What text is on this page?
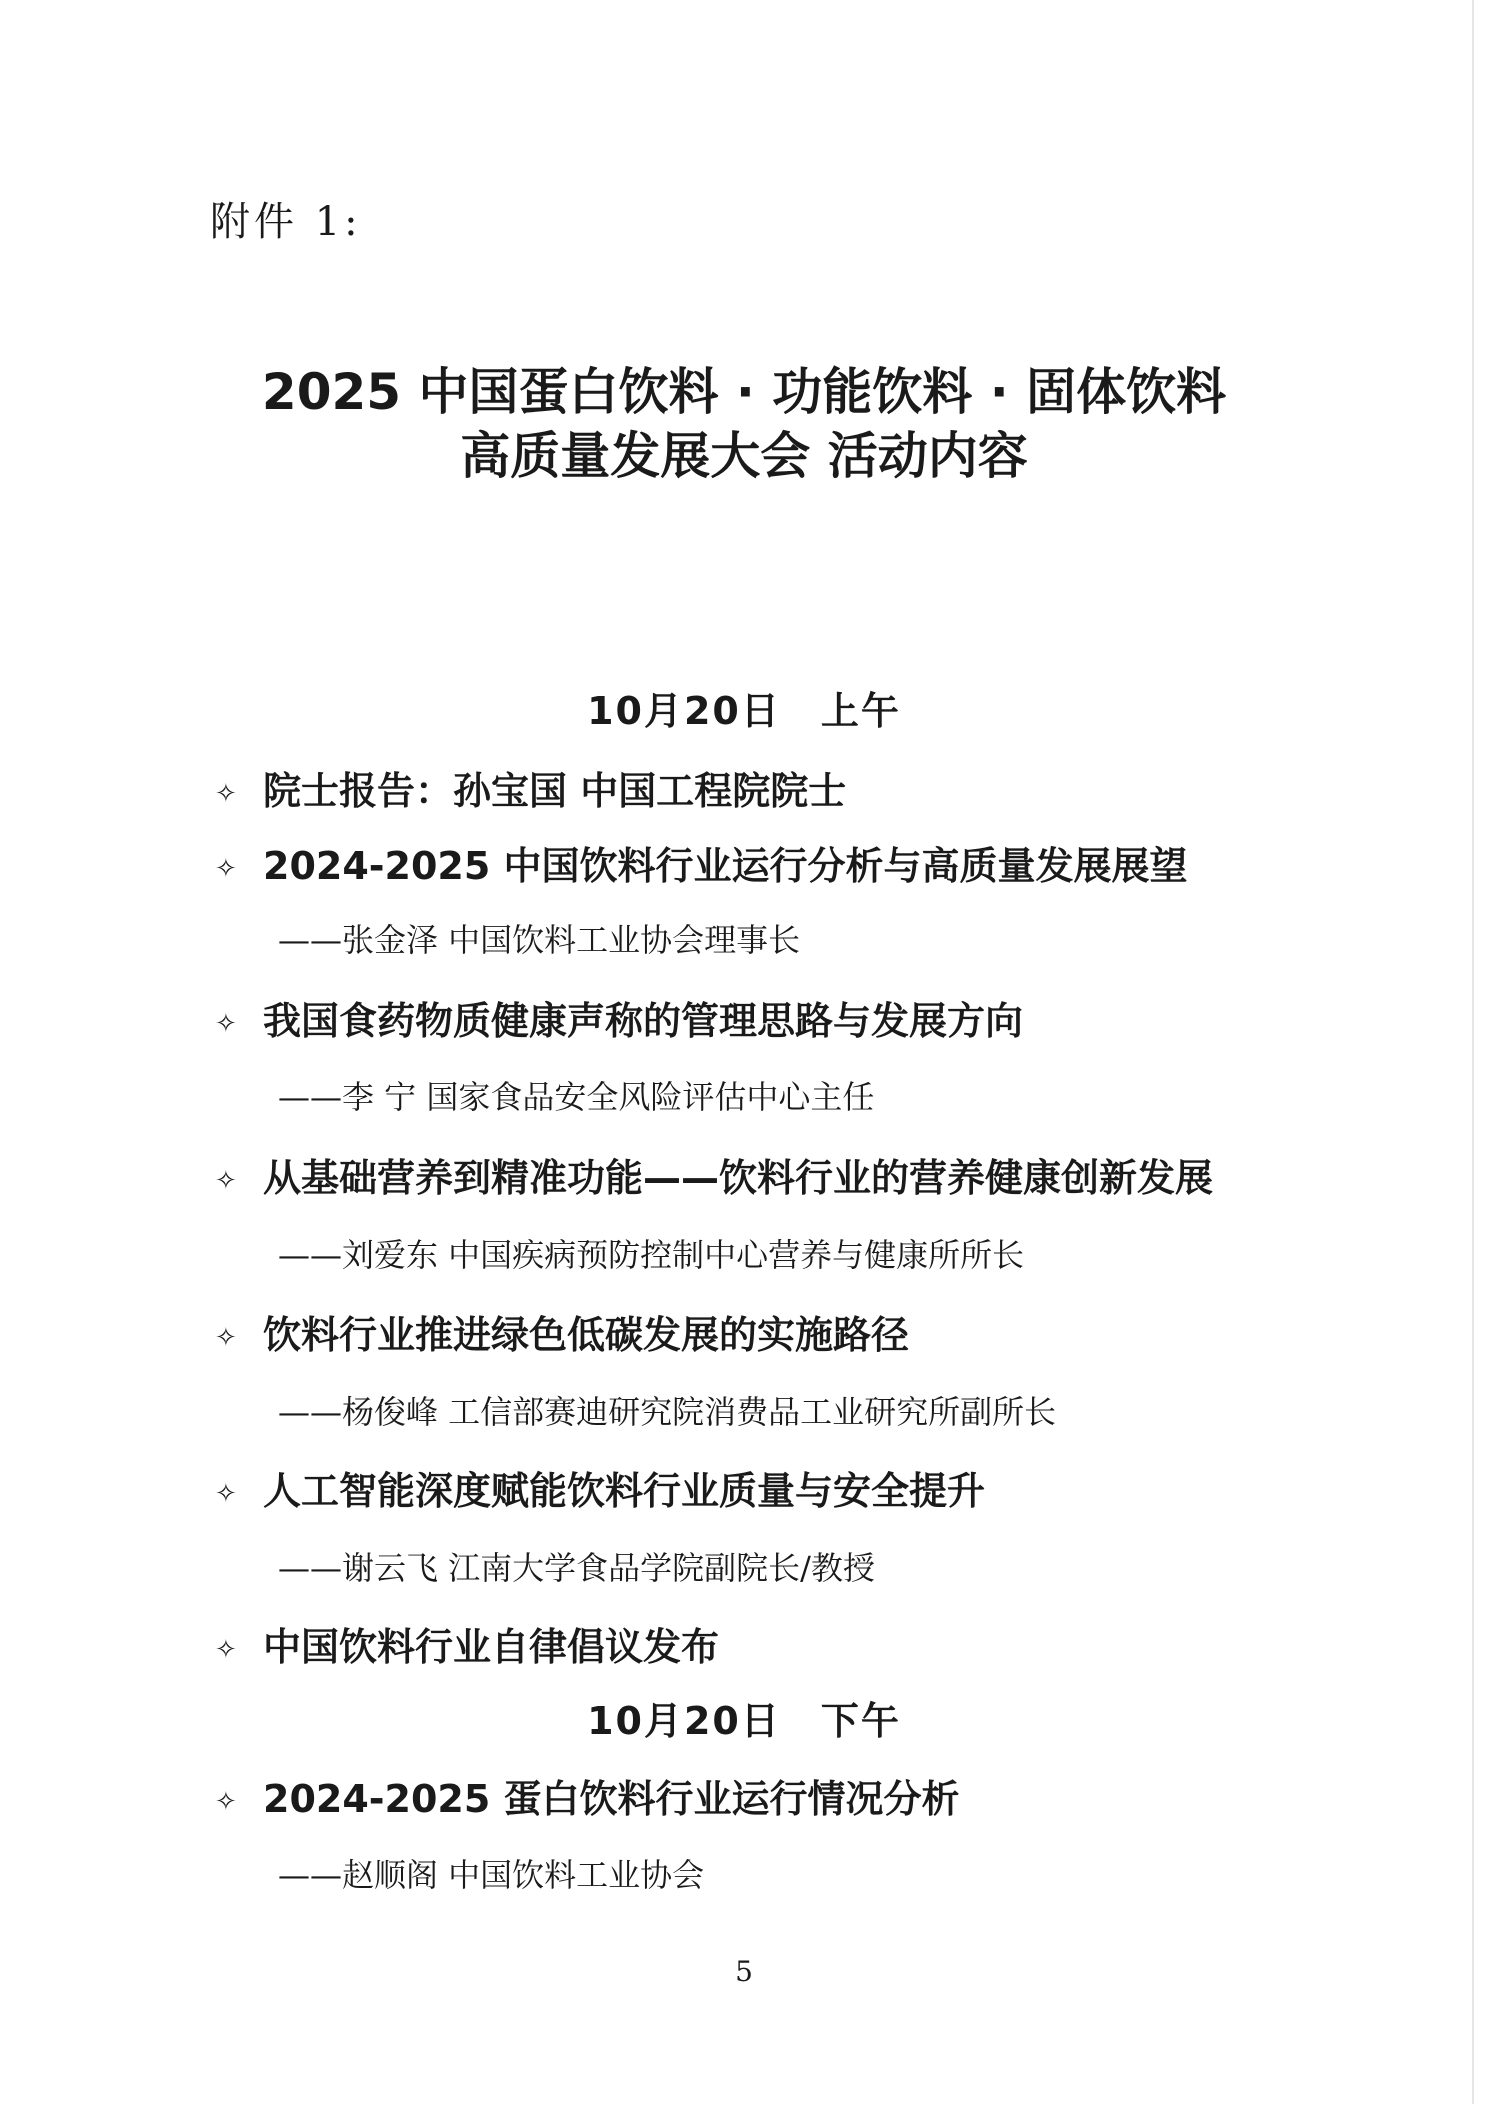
附件 1:
2025 中国蛋白饮料 · 功能饮料 · 固体饮料
高质量发展大会 活动内容
10月20日 上午
✧ 院士报告：孙宝国 中国工程院院士
✧ 2024-2025 中国饮料行业运行分析与高质量发展展望
——张金泽 中国饮料工业协会理事长
✧ 我国食药物质健康声称的管理思路与发展方向
——李 宁 国家食品安全风险评估中心主任
✧ 从基础营养到精准功能——饮料行业的营养健康创新发展
——刘爱东 中国疾病预防控制中心营养与健康所所长
✧ 饮料行业推进绿色低碳发展的实施路径
——杨俊峰 工信部赛迪研究院消费品工业研究所副所长
✧ 人工智能深度赋能饮料行业质量与安全提升
——谢云飞 江南大学食品学院副院长/教授
✧ 中国饮料行业自律倡议发布
10月20日 下午
✧ 2024-2025 蛋白饮料行业运行情况分析
——赵顺阁 中国饮料工业协会
5
